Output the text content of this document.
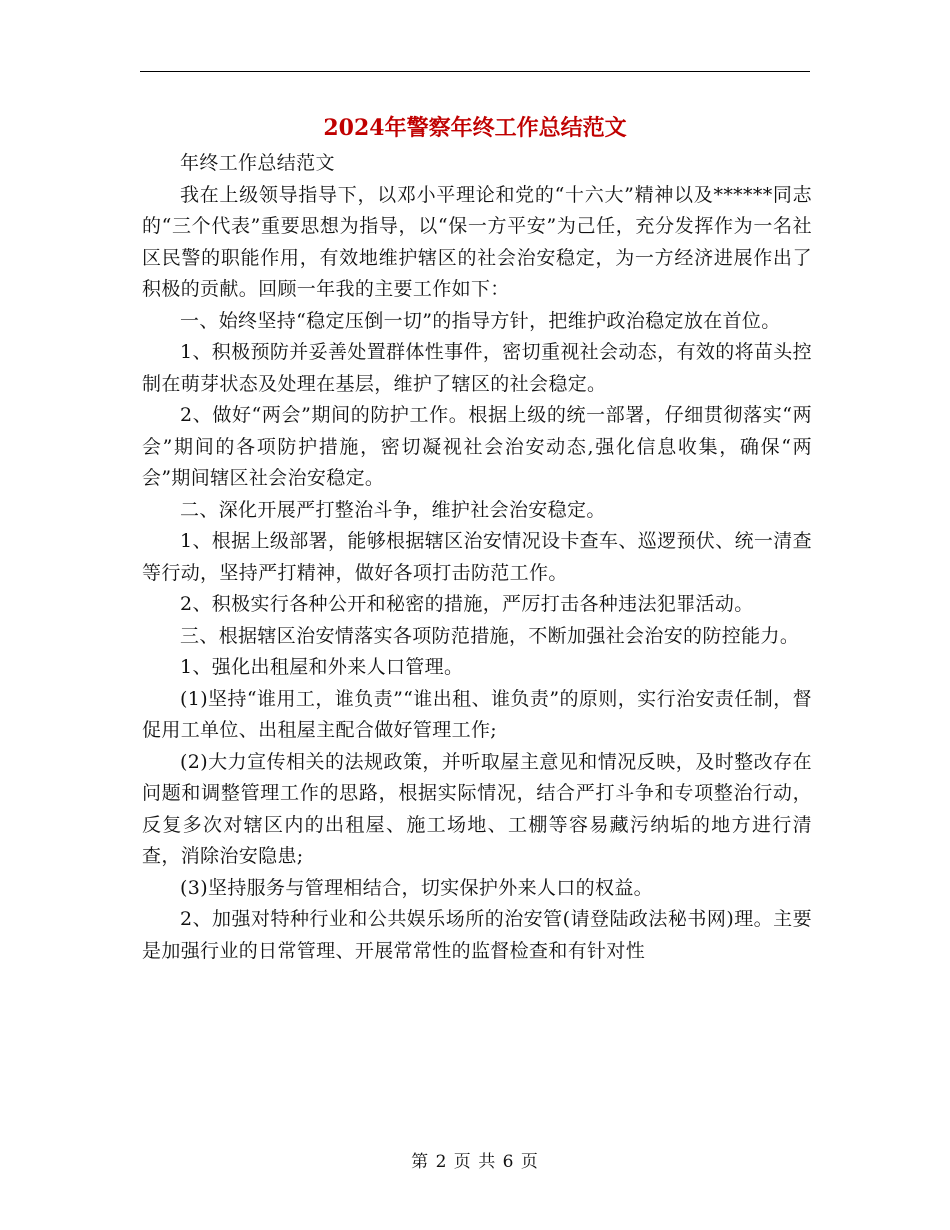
2024年警察年终工作总结范文

年终工作总结范文

我在上级领导指导下，以邓小平理论和党的“十六大”精神以及******同志的“三个代表”重要思想为指导，以“保一方平安”为己任，充分发挥作为一名社区民警的职能作用，有效地维护辖区的社会治安稳定，为一方经济进展作出了积极的贡献。回顾一年我的主要工作如下：

一、始终坚持“稳定压倒一切”的指导方针，把维护政治稳定放在首位。

1、积极预防并妥善处置群体性事件，密切重视社会动态，有效的将苗头控制在萌芽状态及处理在基层，维护了辖区的社会稳定。

2、做好“两会”期间的防护工作。根据上级的统一部署，仔细贯彻落实“两会”期间的各项防护措施，密切凝视社会治安动态,强化信息收集，确保“两会”期间辖区社会治安稳定。

二、深化开展严打整治斗争，维护社会治安稳定。

1、根据上级部署，能够根据辖区治安情况设卡查车、巡逻预伏、统一清查等行动，坚持严打精神，做好各项打击防范工作。

2、积极实行各种公开和秘密的措施，严厉打击各种违法犯罪活动。

三、根据辖区治安情落实各项防范措施，不断加强社会治安的防控能力。

1、强化出租屋和外来人口管理。

(1)坚持“谁用工，谁负责”“谁出租、谁负责”的原则，实行治安责任制，督促用工单位、出租屋主配合做好管理工作;

(2)大力宣传相关的法规政策，并听取屋主意见和情况反映，及时整改存在问题和调整管理工作的思路，根据实际情况，结合严打斗争和专项整治行动，反复多次对辖区内的出租屋、施工场地、工棚等容易藏污纳垢的地方进行清查，消除治安隐患;

(3)坚持服务与管理相结合，切实保护外来人口的权益。

2、加强对特种行业和公共娱乐场所的治安管(请登陆政法秘书网)理。主要是加强行业的日常管理、开展常常性的监督检查和有针对性

第 2 页 共 6 页
